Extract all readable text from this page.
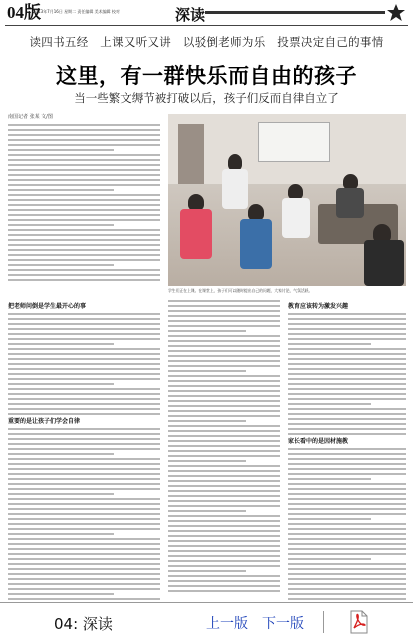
04版
2013年7月16日 星期二 责任编辑 美术编辑 校对	深读
读四书五经　上课又听又讲　以驳倒老师为乐　投票决定自己的事情
这里，有一群快乐而自由的孩子
当一些繁文缛节被打破以后，孩子们反而自律自立了
南国记者 张某 文/图
学生们正在上课。在课堂上，孩子们可以随时提出自己的问题，大家讨论，气氛活跃。
把老师问倒是学生最开心的事
重要的是让孩子们学会自律
教育应该转为激发兴趣
家长看中的是因材施教
04: 深读	上一版 下一版
